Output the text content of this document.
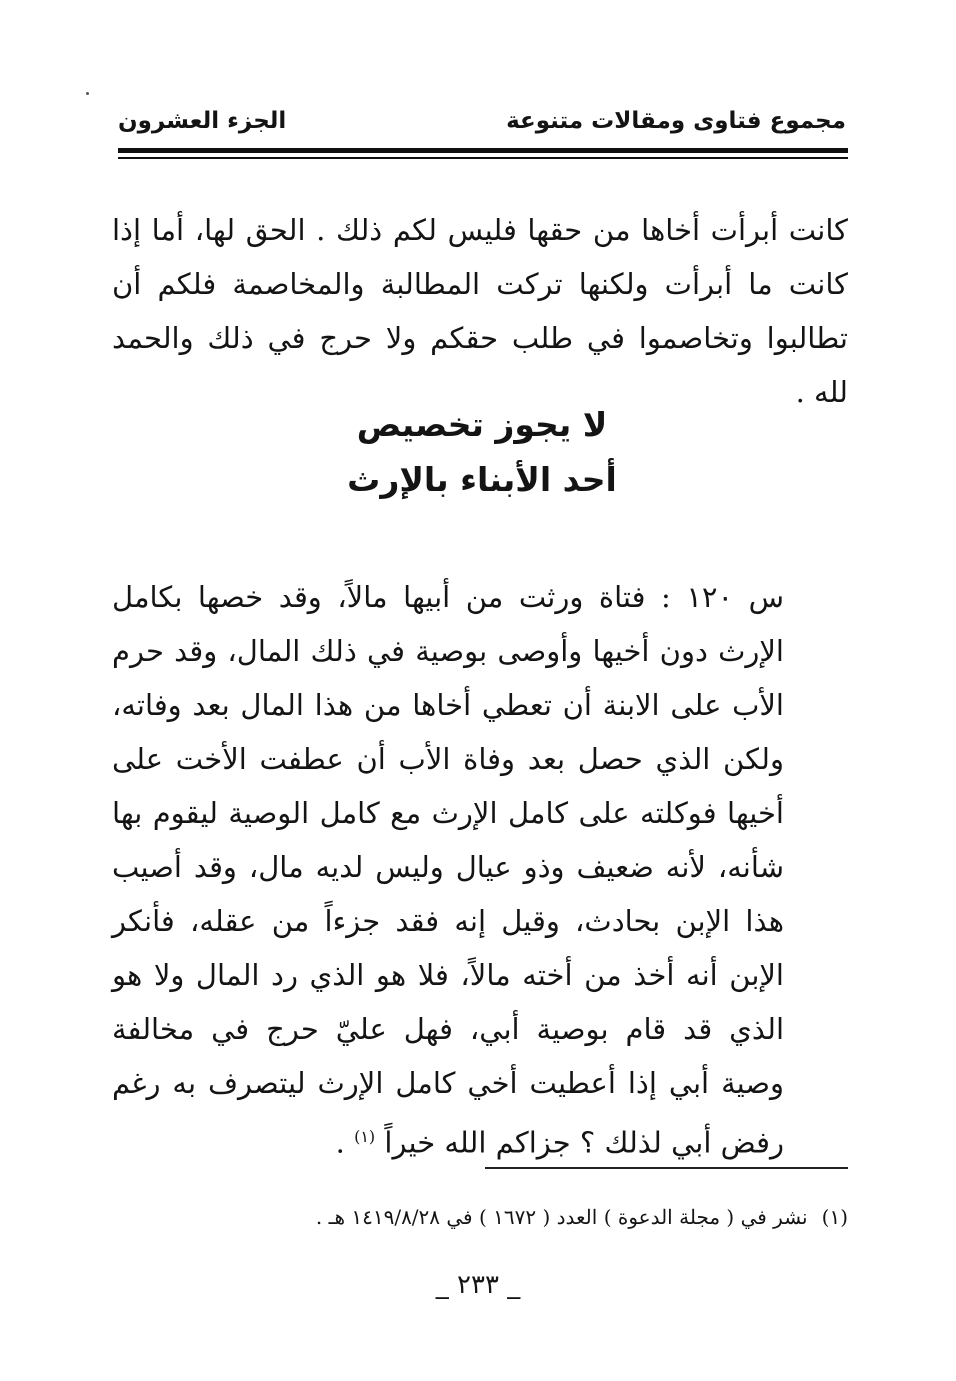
مجموع فتاوى ومقالات متنوعة
الجزء العشرون

كانت أبرأت أخاها من حقها فليس لكم ذلك . الحق لها، أما إذا كانت ما أبرأت ولكنها تركت المطالبة والمخاصمة فلكم أن تطالبوا وتخاصموا في طلب حقكم ولا حرج في ذلك والحمد لله .

لا يجوز تخصيص
أحد الأبناء بالإرث

س ١٢٠ : فتاة ورثت من أبيها مالاً، وقد خصها بكامل الإرث دون أخيها وأوصى بوصية في ذلك المال، وقد حرم الأب على الابنة أن تعطي أخاها من هذا المال بعد وفاته، ولكن الذي حصل بعد وفاة الأب أن عطفت الأخت على أخيها فوكلته على كامل الإرث مع كامل الوصية ليقوم بها شأنه، لأنه ضعيف وذو عيال وليس لديه مال، وقد أصيب هذا الإبن بحادث، وقيل إنه فقد جزءاً من عقله، فأنكر الإبن أنه أخذ من أخته مالاً، فلا هو الذي رد المال ولا هو الذي قد قام بوصية أبي، فهل عليّ حرج في مخالفة وصية أبي إذا أعطيت أخي كامل الإرث ليتصرف به رغم رفض أبي لذلك ؟ جزاكم الله خيراً $^{(١)}$ .

(١)نشر في ( مجلة الدعوة ) العدد ( ١٦٧٢ ) في ١٤١٩/٨/٢٨ هـ .
_ ٢٣٣ _
